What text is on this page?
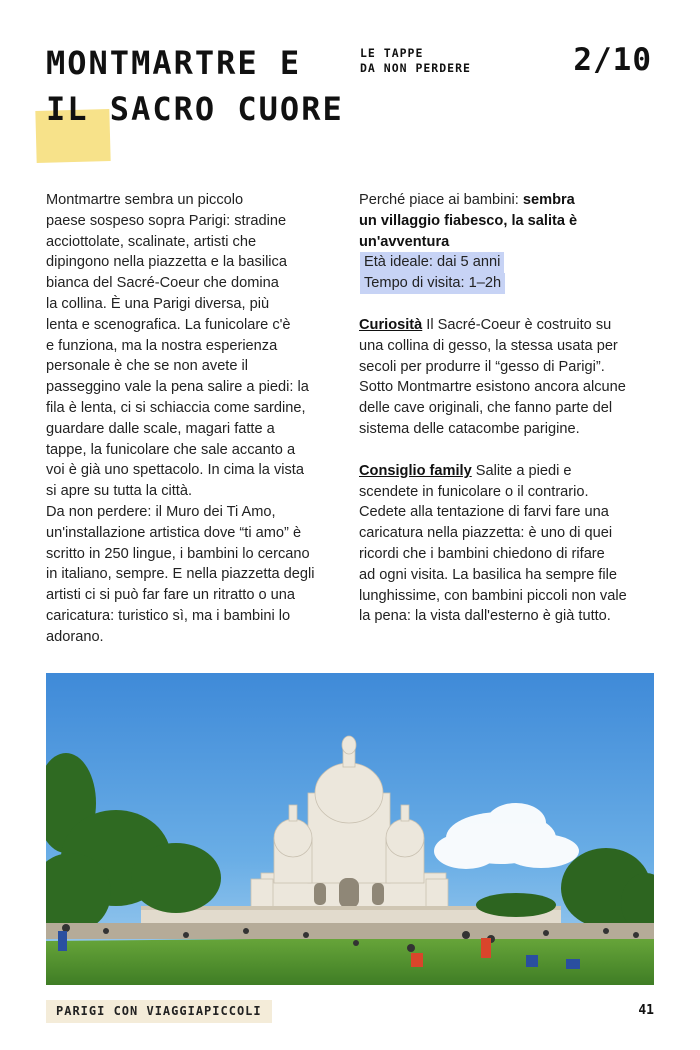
MONTMARTRE E
IL SACRO CUORE
LE TAPPE
DA NON PERDERE	2/10

Montmartre sembra un piccolo

paese sospeso sopra Parigi: stradine

acciottolate, scalinate, artisti che

dipingono nella piazzetta e la basilica

bianca del Sacré-Coeur che domina

la collina. È una Parigi diversa, più

lenta e scenografica. La funicolare c'è

e funziona, ma la nostra esperienza

personale è che se non avete il

passeggino vale la pena salire a piedi: la

fila è lenta, ci si schiaccia come sardine,

guardare dalle scale, magari fatte a

tappe, la funicolare che sale accanto a

voi è già uno spettacolo. In cima la vista

si apre su tutta la città.

Da non perdere: il Muro dei Ti Amo,

un'installazione artistica dove “ti amo” è

scritto in 250 lingue, i bambini lo cercano

in italiano, sempre. E nella piazzetta degli

artisti ci si può far fare un ritratto o una

caricatura: turistico sì, ma i bambini lo

adorano.

Perché piace ai bambini: sembra

un villaggio fiabesco, la salita è

un'avventura

Età ideale: dai 5 anni
Tempo di visita: 1–2h

Curiosità Il Sacré-Coeur è costruito su

una collina di gesso, la stessa usata per

secoli per produrre il “gesso di Parigi”.

Sotto Montmartre esistono ancora alcune

delle cave originali, che fanno parte del

sistema delle catacombe parigine.

Consiglio family Salite a piedi e

scendete in funicolare o il contrario.

Cedete alla tentazione di farvi fare una

caricatura nella piazzetta: è uno di quei

ricordi che i bambini chiedono di rifare

ad ogni visita. La basilica ha sempre file

lunghissime, con bambini piccoli non vale

la pena: la vista dall'esterno è già tutto.

PARIGI CON VIAGGIAPICCOLI	41
